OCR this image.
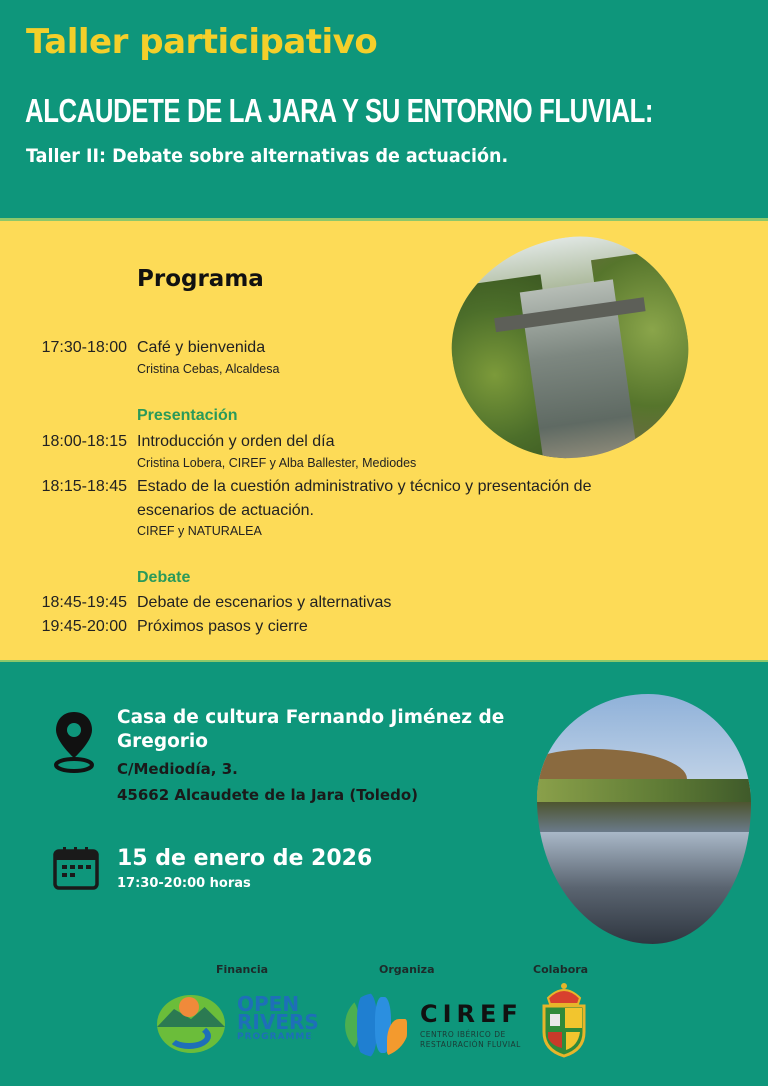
Taller participativo
ALCAUDETE DE LA JARA Y SU ENTORNO FLUVIAL:
Taller II: Debate sobre alternativas de actuación.
Programa
17:30-18:00 Café y bienvenida
Cristina Cebas, Alcaldesa
Presentación
18:00-18:15 Introducción y orden del día
Cristina Lobera, CIREF y Alba Ballester, Mediodes
18:15-18:45 Estado de la cuestión administrativo y técnico y presentación de escenarios de actuación.
CIREF y NATURALEA
Debate
18:45-19:45 Debate de escenarios y alternativas
19:45-20:00 Próximos pasos y cierre
Casa de cultura Fernando Jiménez de Gregorio
C/Mediodía, 3.
45662 Alcaudete de la Jara (Toledo)
15 de enero de 2026
17:30-20:00 horas
Financia	Organiza	Colabora
OPEN
RIVERS
PROGRAMME
CIREF
CENTRO IBÉRICO DE
RESTAURACIÓN FLUVIAL
